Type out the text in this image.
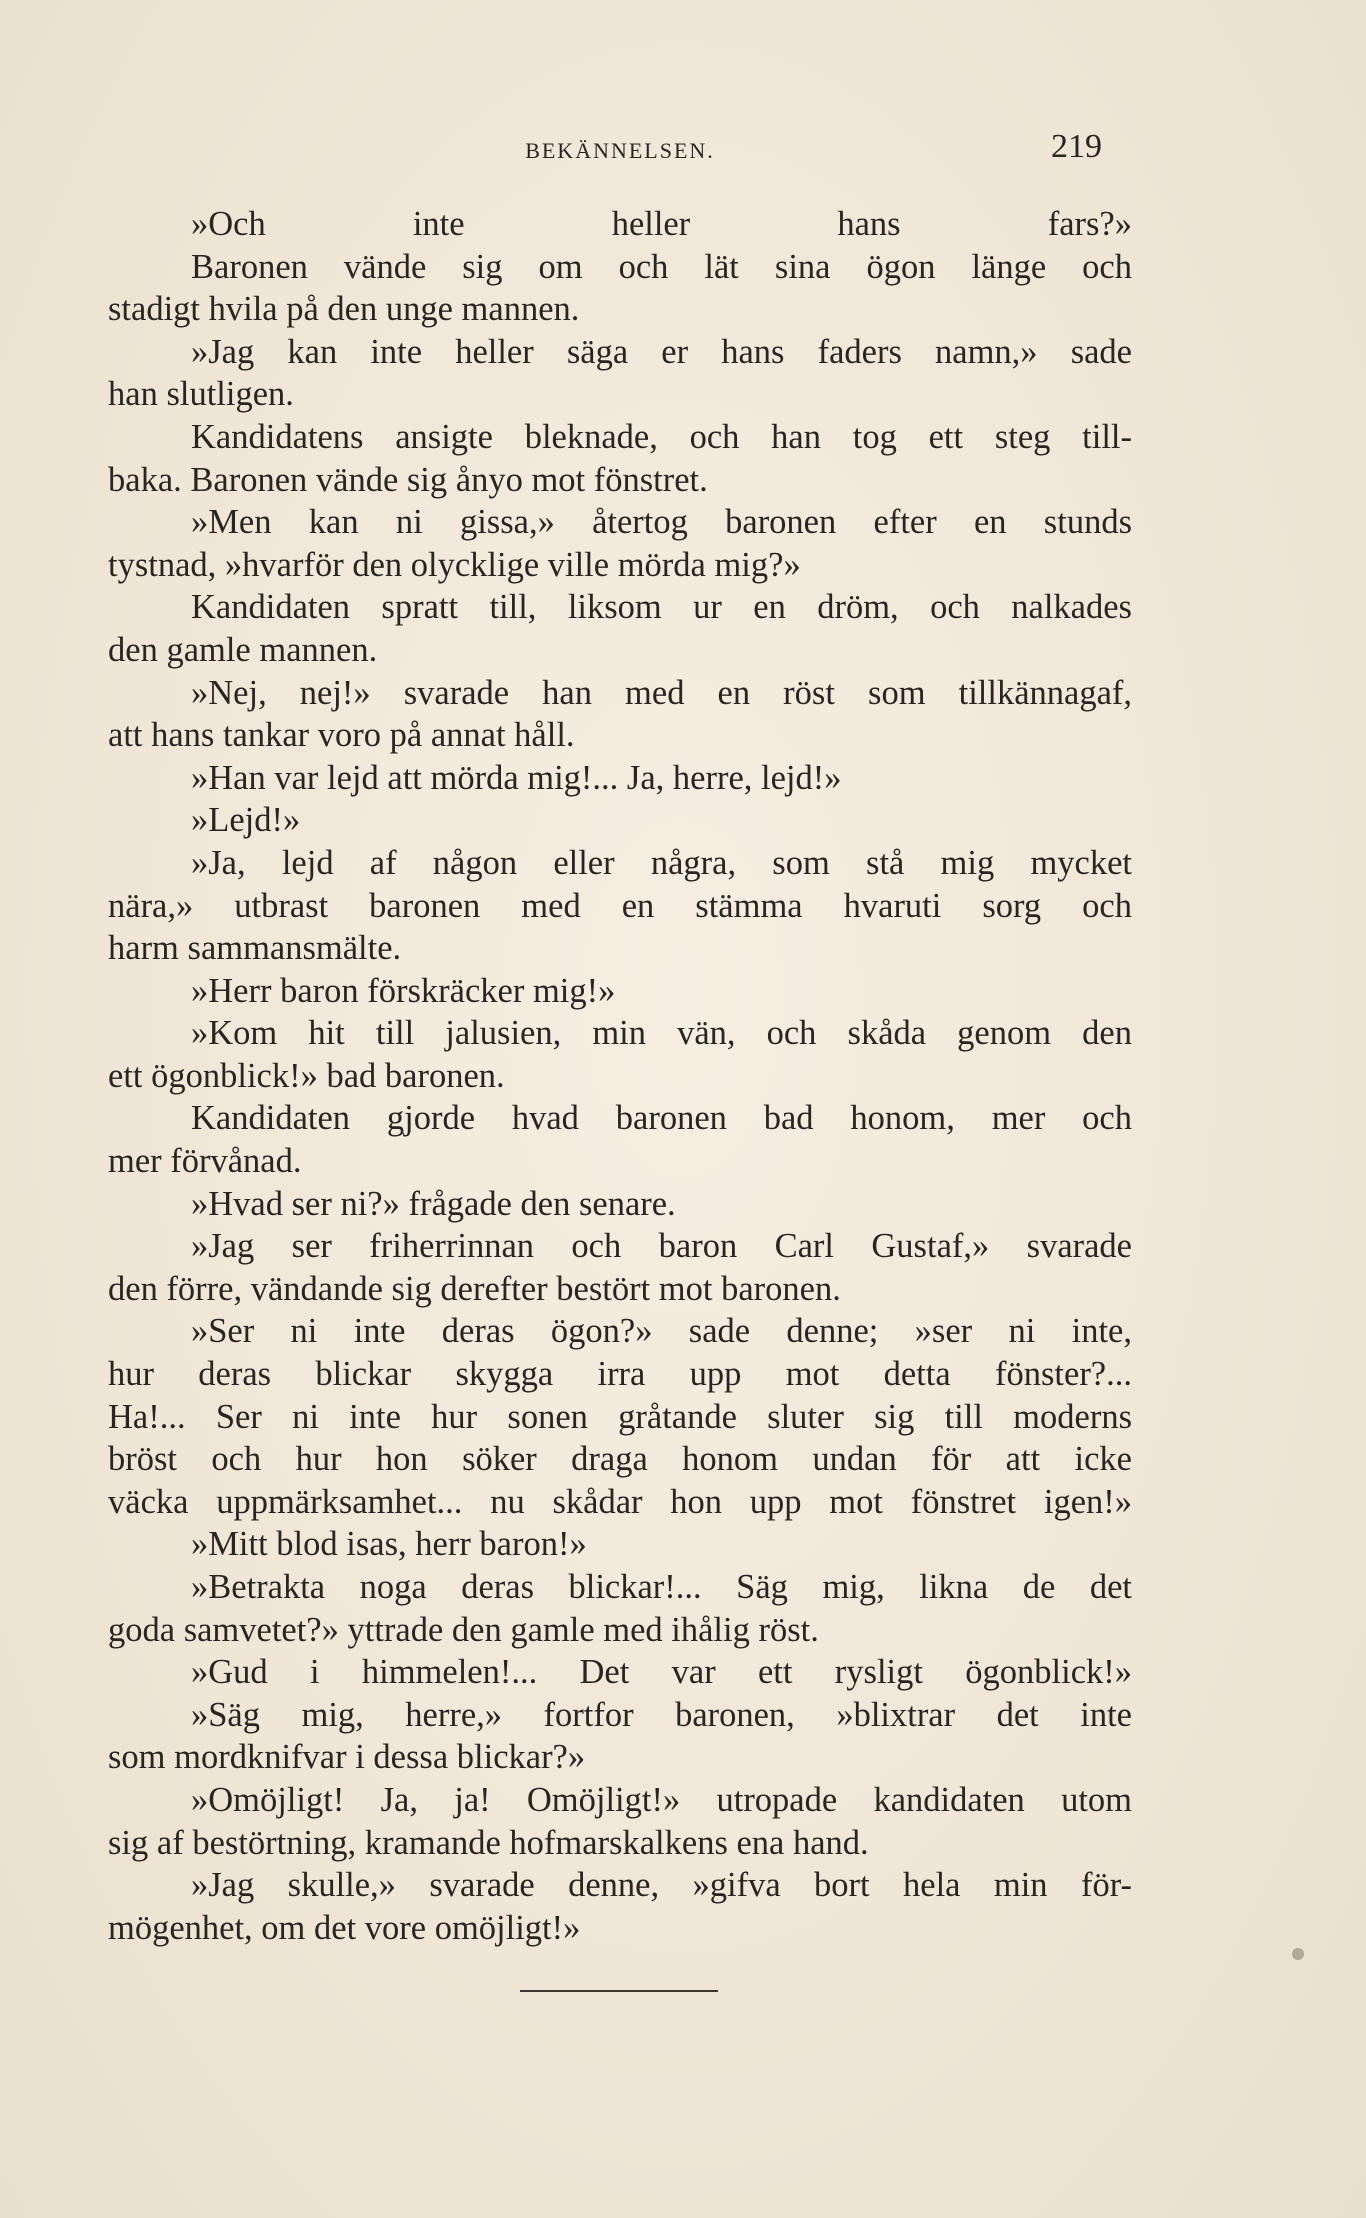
BEKÄNNELSEN.	219
»Och inte heller hans fars?»
Baronen vände sig om och lät sina ögon länge och
stadigt hvila på den unge mannen.
»Jag kan inte heller säga er hans faders namn,» sade
han slutligen.
Kandidatens ansigte bleknade, och han tog ett steg till-
baka. Baronen vände sig ånyo mot fönstret.
»Men kan ni gissa,» återtog baronen efter en stunds
tystnad, »hvarför den olycklige ville mörda mig?»
Kandidaten spratt till, liksom ur en dröm, och nalkades
den gamle mannen.
»Nej, nej!» svarade han med en röst som tillkännagaf,
att hans tankar voro på annat håll.
»Han var lejd att mörda mig!... Ja, herre, lejd!»
»Lejd!»
»Ja, lejd af någon eller några, som stå mig mycket
nära,» utbrast baronen med en stämma hvaruti sorg och
harm sammansmälte.
»Herr baron förskräcker mig!»
»Kom hit till jalusien, min vän, och skåda genom den
ett ögonblick!» bad baronen.
Kandidaten gjorde hvad baronen bad honom, mer och
mer förvånad.
»Hvad ser ni?» frågade den senare.
»Jag ser friherrinnan och baron Carl Gustaf,» svarade
den förre, vändande sig derefter bestört mot baronen.
»Ser ni inte deras ögon?» sade denne; »ser ni inte,
hur deras blickar skygga irra upp mot detta fönster?...
Ha!... Ser ni inte hur sonen gråtande sluter sig till moderns
bröst och hur hon söker draga honom undan för att icke
väcka uppmärksamhet... nu skådar hon upp mot fönstret igen!»
»Mitt blod isas, herr baron!»
»Betrakta noga deras blickar!... Säg mig, likna de det
goda samvetet?» yttrade den gamle med ihålig röst.
»Gud i himmelen!... Det var ett rysligt ögonblick!»
»Säg mig, herre,» fortfor baronen, »blixtrar det inte
som mordknifvar i dessa blickar?»
»Omöjligt! Ja, ja! Omöjligt!» utropade kandidaten utom
sig af bestörtning, kramande hofmarskalkens ena hand.
»Jag skulle,» svarade denne, »gifva bort hela min för-
mögenhet, om det vore omöjligt!»
